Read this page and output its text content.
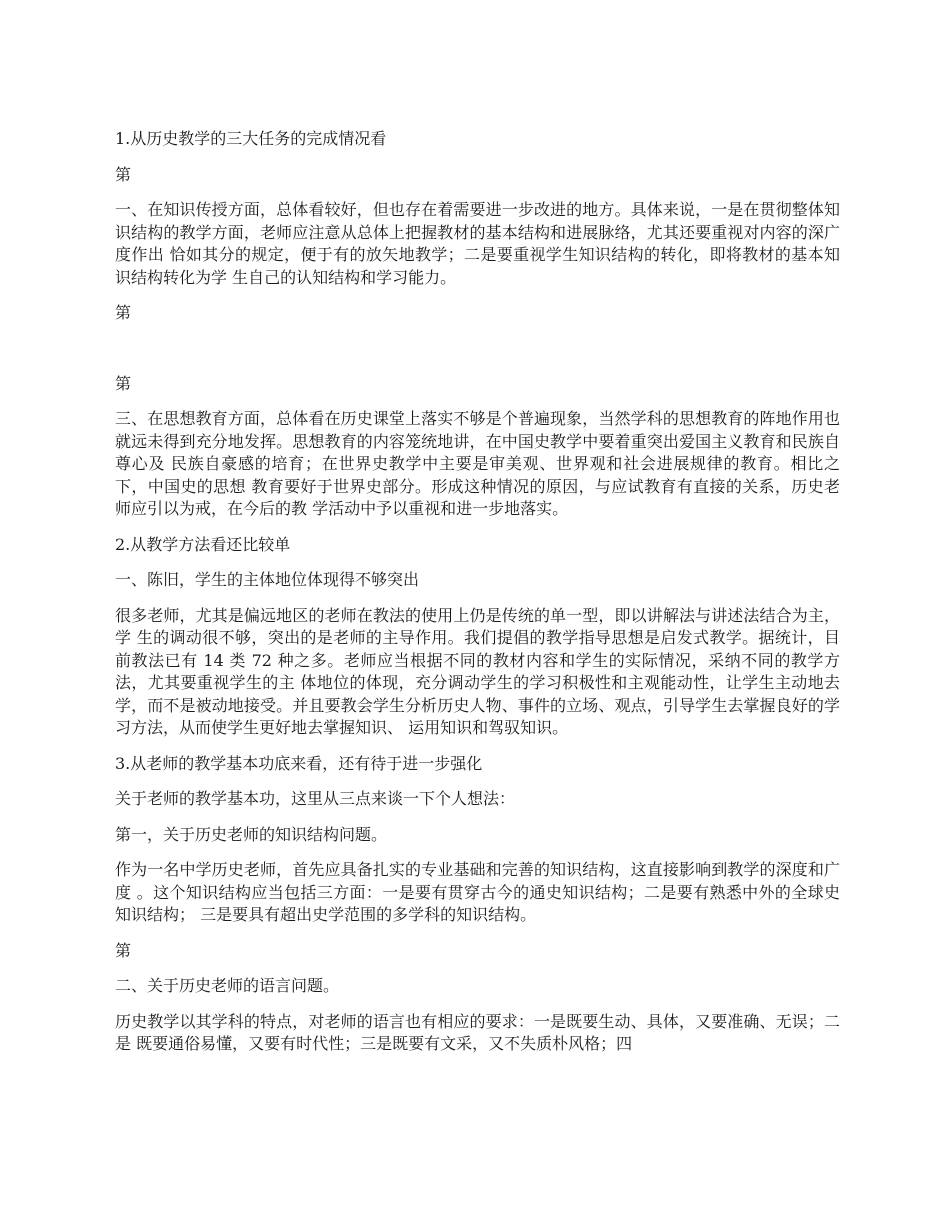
1.从历史教学的三大任务的完成情况看

第

一、在知识传授方面，总体看较好，但也存在着需要进一步改进的地方。具体来说，一是在贯彻整体知 识结构的教学方面，老师应注意从总体上把握教材的基本结构和进展脉络，尤其还要重视对内容的深广度作出 恰如其分的规定，便于有的放矢地教学；二是要重视学生知识结构的转化，即将教材的基本知识结构转化为学 生自己的认知结构和学习能力。

第

第

三、在思想教育方面，总体看在历史课堂上落实不够是个普遍现象，当然学科的思想教育的阵地作用也 就远未得到充分地发挥。思想教育的内容笼统地讲，在中国史教学中要着重突出爱国主义教育和民族自尊心及 民族自豪感的培育；在世界史教学中主要是审美观、世界观和社会进展规律的教育。相比之下，中国史的思想 教育要好于世界史部分。形成这种情况的原因，与应试教育有直接的关系，历史老师应引以为戒，在今后的教 学活动中予以重视和进一步地落实。

2.从教学方法看还比较单

一、陈旧，学生的主体地位体现得不够突出

很多老师，尤其是偏远地区的老师在教法的使用上仍是传统的单一型，即以讲解法与讲述法结合为主，学 生的调动很不够，突出的是老师的主导作用。我们提倡的教学指导思想是启发式教学。据统计，目前教法已有 14 类 72 种之多。老师应当根据不同的教材内容和学生的实际情况，采纳不同的教学方法，尤其要重视学生的主 体地位的体现，充分调动学生的学习积极性和主观能动性，让学生主动地去学，而不是被动地接受。并且要教会学生分析历史人物、事件的立场、观点，引导学生去掌握良好的学习方法，从而使学生更好地去掌握知识、 运用知识和驾驭知识。

3.从老师的教学基本功底来看，还有待于进一步强化

关于老师的教学基本功，这里从三点来谈一下个人想法：

第一，关于历史老师的知识结构问题。

作为一名中学历史老师，首先应具备扎实的专业基础和完善的知识结构，这直接影响到教学的深度和广度 。这个知识结构应当包括三方面：一是要有贯穿古今的通史知识结构；二是要有熟悉中外的全球史知识结构； 三是要具有超出史学范围的多学科的知识结构。

第

二、关于历史老师的语言问题。

历史教学以其学科的特点，对老师的语言也有相应的要求：一是既要生动、具体，又要准确、无误；二是 既要通俗易懂，又要有时代性；三是既要有文采，又不失质朴风格；四
